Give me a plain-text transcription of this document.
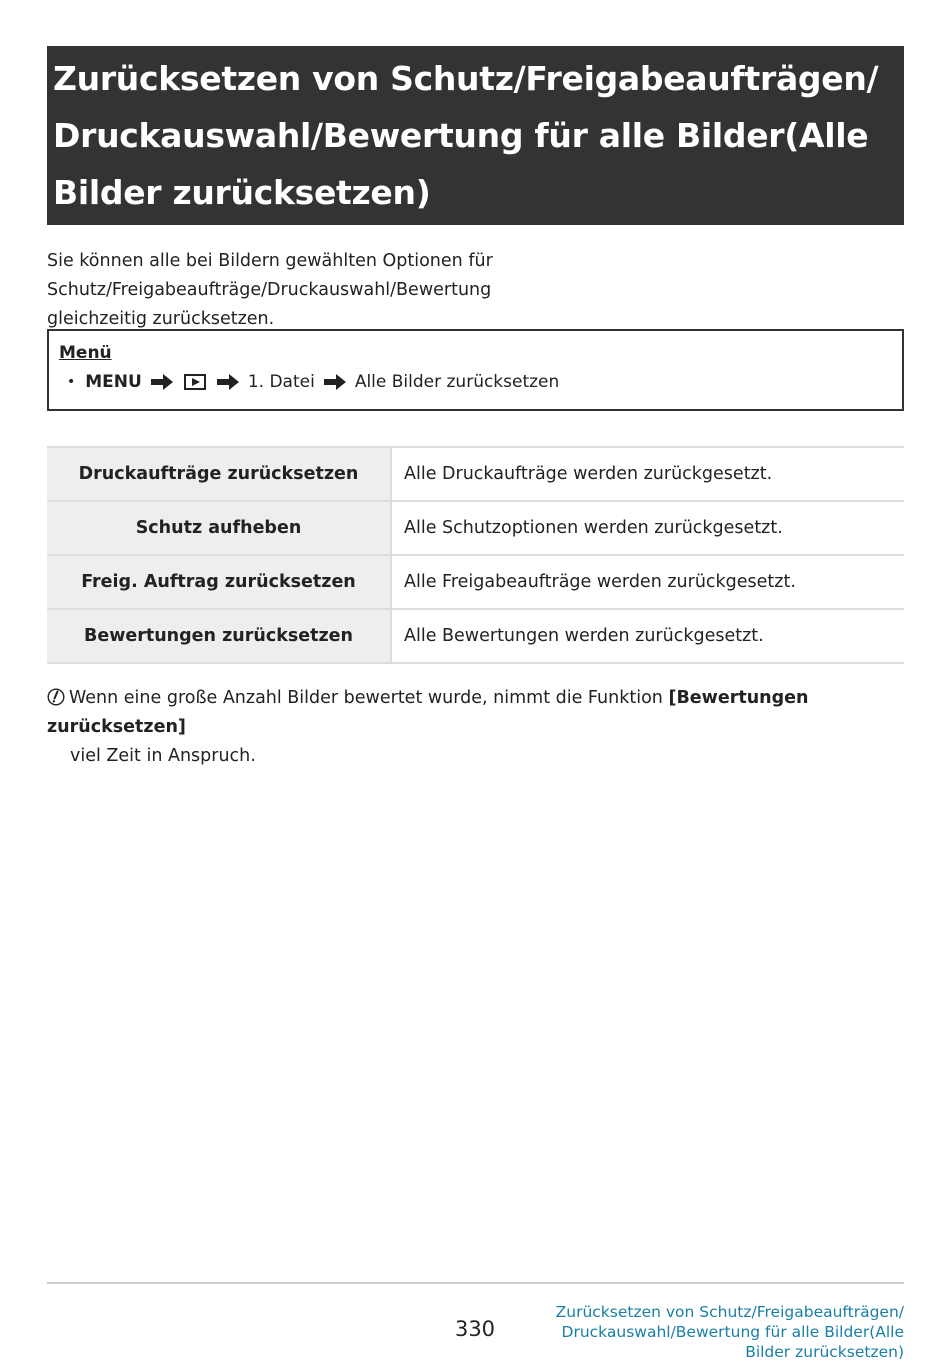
Zurücksetzen von Schutz/Freigabeaufträgen/
Druckauswahl/Bewertung für alle Bilder(Alle
Bilder zurücksetzen)
Sie können alle bei Bildern gewählten Optionen für Schutz/Freigabeaufträge/Druckauswahl/Bewertung
gleichzeitig zurücksetzen.
Menü
• MENU	1. Datei Alle Bilder zurücksetzen
Druckaufträge zurücksetzen	Alle Druckaufträge werden zurückgesetzt.
Schutz aufheben	Alle Schutzoptionen werden zurückgesetzt.
Freig. Auftrag zurücksetzen	Alle Freigabeaufträge werden zurückgesetzt.
Bewertungen zurücksetzen	Alle Bewertungen werden zurückgesetzt.
Wenn eine große Anzahl Bilder bewertet wurde, nimmt die Funktion [Bewertungen zurücksetzen]
viel Zeit in Anspruch.
330
Zurücksetzen von Schutz/Freigabeaufträgen/
Druckauswahl/Bewertung für alle Bilder(Alle
Bilder zurücksetzen)
